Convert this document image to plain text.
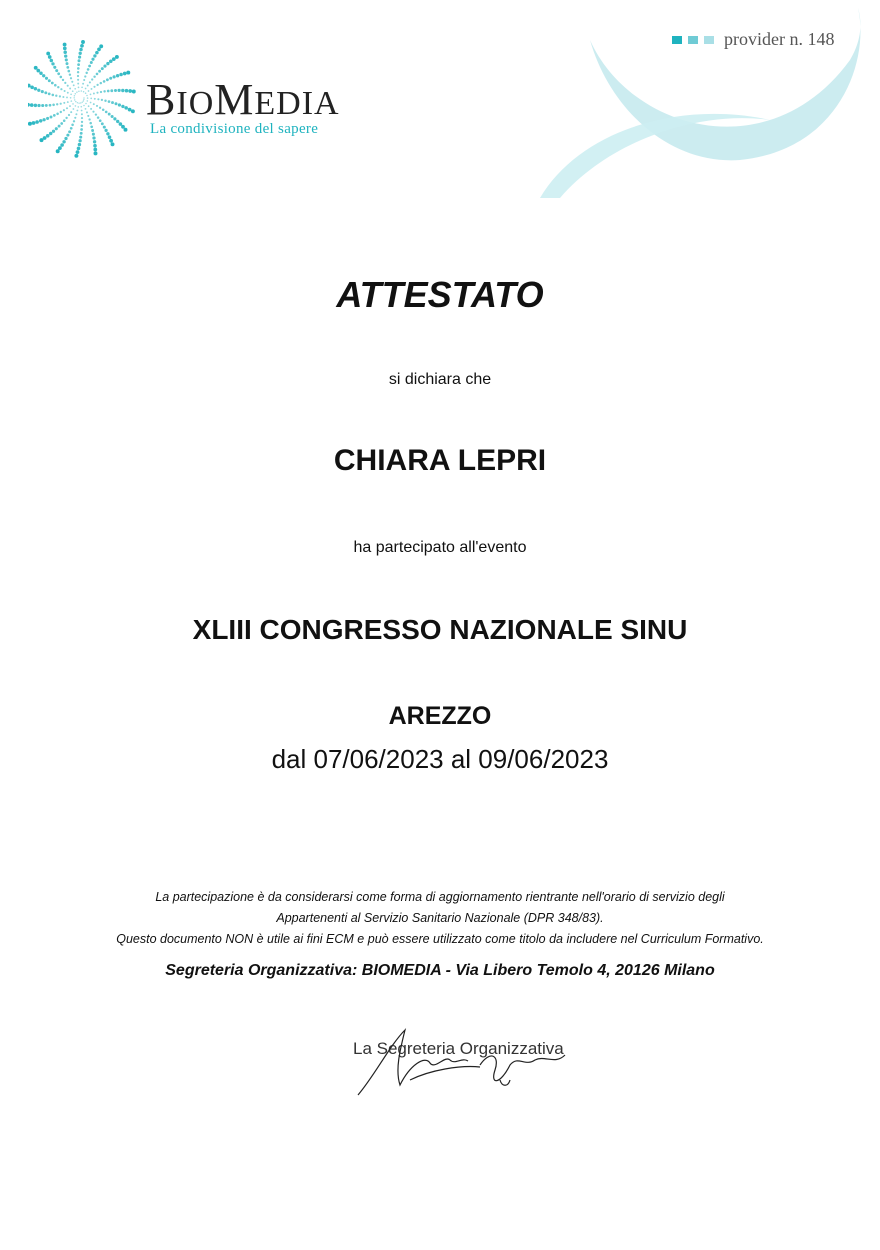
BIOMEDIA
La condivisione del sapere
provider n. 148
ATTESTATO
si dichiara che
CHIARA LEPRI
ha partecipato all'evento
XLIII CONGRESSO NAZIONALE SINU
AREZZO
dal 07/06/2023 al 09/06/2023
La partecipazione è da considerarsi come forma di aggiornamento rientrante nell'orario di servizio degli
Appartenenti al Servizio Sanitario Nazionale (DPR 348/83).
Questo documento NON è utile ai fini ECM e può essere utilizzato come titolo da includere nel Curriculum Formativo.
Segreteria Organizzativa: BIOMEDIA - Via Libero Temolo 4, 20126 Milano
La Segreteria Organizzativa
